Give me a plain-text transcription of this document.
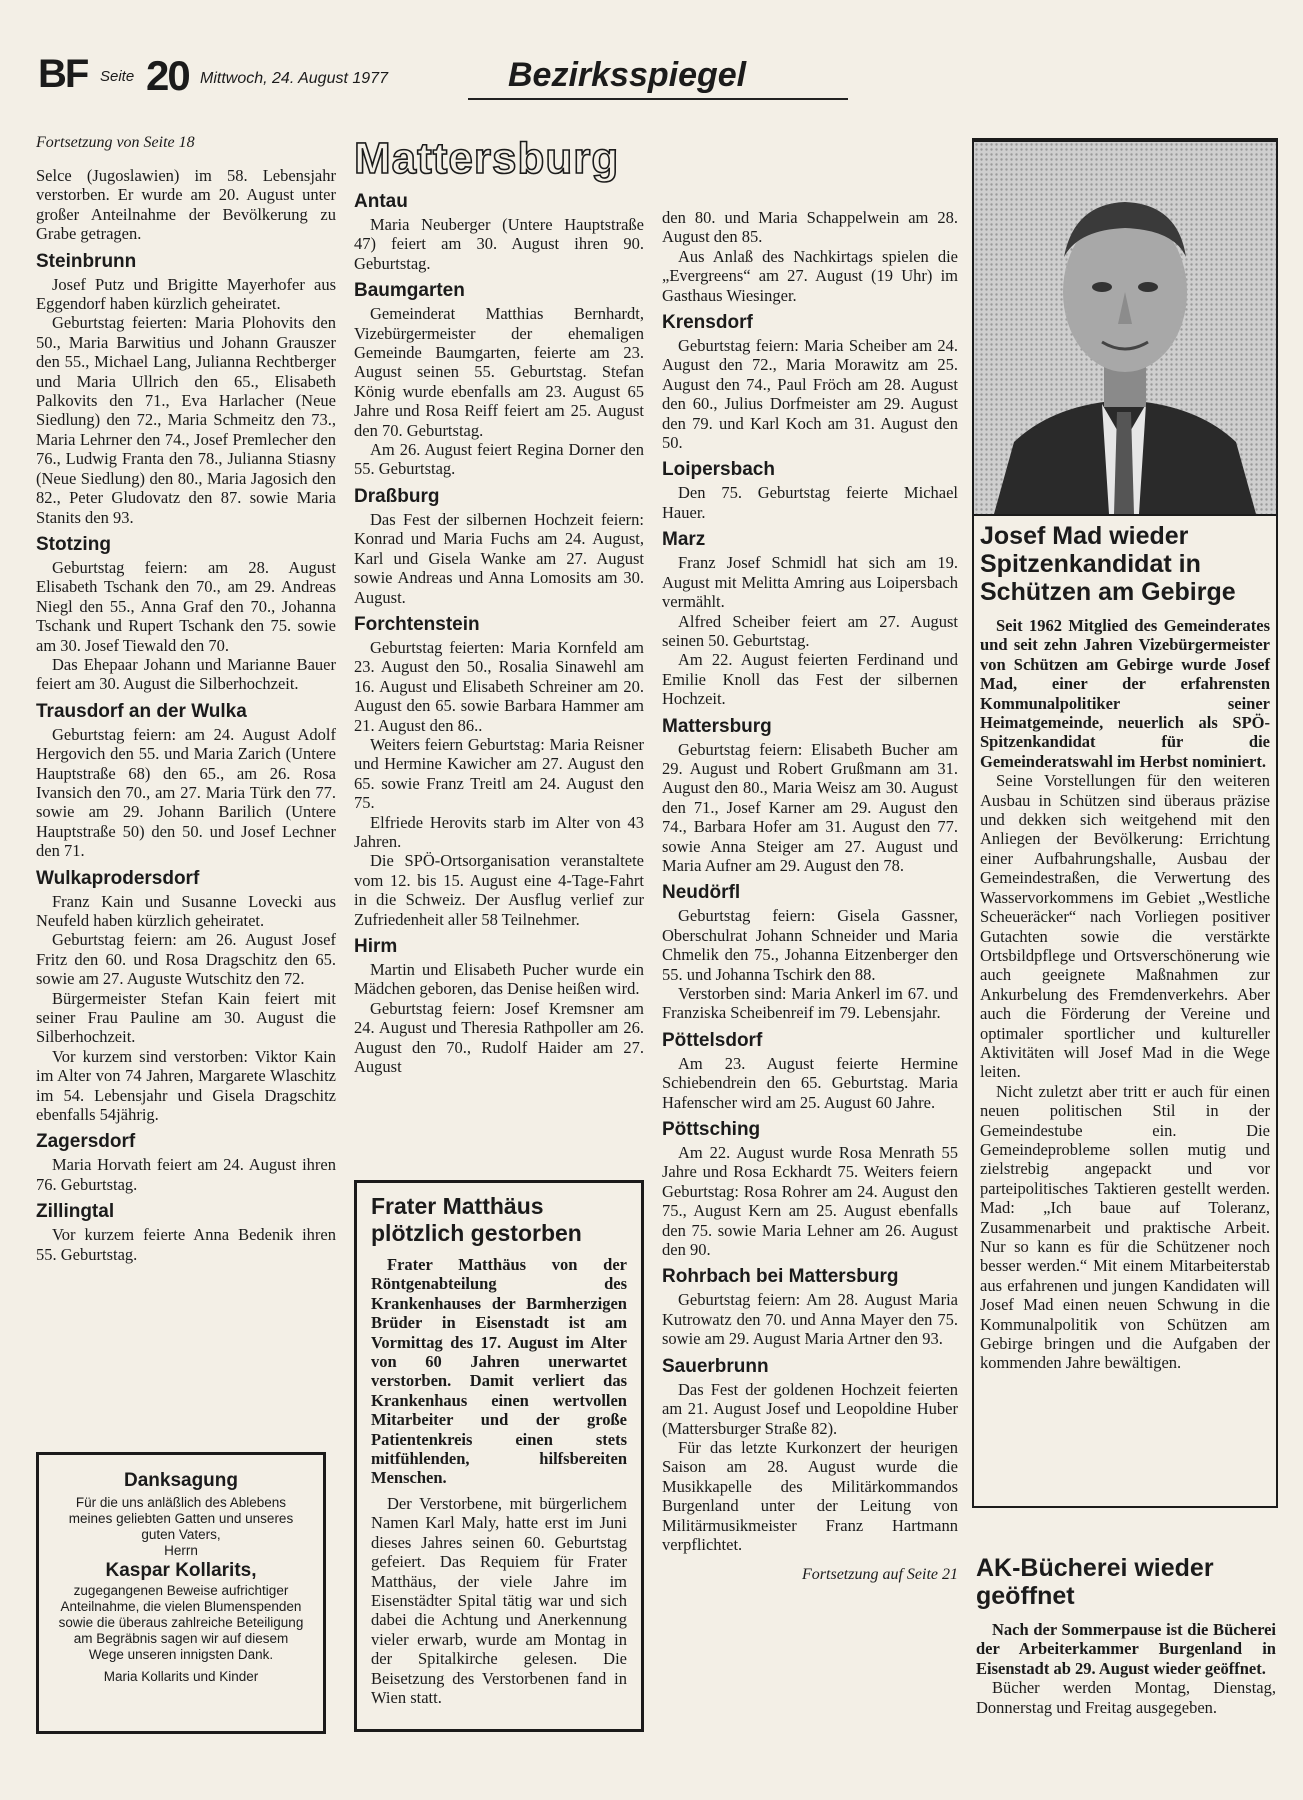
BF Seite 20 Mittwoch, 24. August 1977	Bezirksspiegel

Fortsetzung von Seite 18

Selce (Jugoslawien) im 58. Lebensjahr verstorben. Er wurde am 20. August unter großer Anteilnahme der Bevölkerung zu Grabe getragen.

Steinbrunn

Josef Putz und Brigitte Mayerhofer aus Eggendorf haben kürzlich geheiratet.

Geburtstag feierten: Maria Plohovits den 50., Maria Barwitius und Johann Grauszer den 55., Michael Lang, Julianna Rechtberger und Maria Ullrich den 65., Elisabeth Palkovits den 71., Eva Harlacher (Neue Siedlung) den 72., Maria Schmeitz den 73., Maria Lehrner den 74., Josef Premlecher den 76., Ludwig Franta den 78., Julianna Stiasny (Neue Siedlung) den 80., Maria Jagosich den 82., Peter Gludovatz den 87. sowie Maria Stanits den 93.

Stotzing

Geburtstag feiern: am 28. August Elisabeth Tschank den 70., am 29. Andreas Niegl den 55., Anna Graf den 70., Johanna Tschank und Rupert Tschank den 75. sowie am 30. Josef Tiewald den 70.

Das Ehepaar Johann und Marianne Bauer feiert am 30. August die Silberhochzeit.

Trausdorf an der Wulka

Geburtstag feiern: am 24. August Adolf Hergovich den 55. und Maria Zarich (Untere Hauptstraße 68) den 65., am 26. Rosa Ivansich den 70., am 27. Maria Türk den 77. sowie am 29. Johann Barilich (Untere Hauptstraße 50) den 50. und Josef Lechner den 71.

Wulkaprodersdorf

Franz Kain und Susanne Lovecki aus Neufeld haben kürzlich geheiratet.

Geburtstag feiern: am 26. August Josef Fritz den 60. und Rosa Dragschitz den 65. sowie am 27. Auguste Wutschitz den 72.

Bürgermeister Stefan Kain feiert mit seiner Frau Pauline am 30. August die Silberhochzeit.

Vor kurzem sind verstorben: Viktor Kain im Alter von 74 Jahren, Margarete Wlaschitz im 54. Lebensjahr und Gisela Dragschitz ebenfalls 54jährig.

Zagersdorf

Maria Horvath feiert am 24. August ihren 76. Geburtstag.

Zillingtal

Vor kurzem feierte Anna Bedenik ihren 55. Geburtstag.

Danksagung

Für die uns anläßlich des Ablebens meines geliebten Gatten und unseres guten Vaters,

Herrn

Kaspar Kollarits,

zugegangenen Beweise aufrichtiger Anteilnahme, die vielen Blumenspenden sowie die überaus zahlreiche Beteiligung am Begräbnis sagen wir auf diesem Wege unseren innigsten Dank.

Maria Kollarits und Kinder

Mattersburg
Antau

Maria Neuberger (Untere Hauptstraße 47) feiert am 30. August ihren 90. Geburtstag.

Baumgarten

Gemeinderat Matthias Bernhardt, Vizebürgermeister der ehemaligen Gemeinde Baumgarten, feierte am 23. August seinen 55. Geburtstag. Stefan König wurde ebenfalls am 23. August 65 Jahre und Rosa Reiff feiert am 25. August den 70. Geburtstag.

Am 26. August feiert Regina Dorner den 55. Geburtstag.

Draßburg

Das Fest der silbernen Hochzeit feiern: Konrad und Maria Fuchs am 24. August, Karl und Gisela Wanke am 27. August sowie Andreas und Anna Lomosits am 30. August.

Forchtenstein

Geburtstag feierten: Maria Kornfeld am 23. August den 50., Rosalia Sinawehl am 16. August und Elisabeth Schreiner am 20. August den 65. sowie Barbara Hammer am 21. August den 86..

Weiters feiern Geburtstag: Maria Reisner und Hermine Kawicher am 27. August den 65. sowie Franz Treitl am 24. August den 75.

Elfriede Herovits starb im Alter von 43 Jahren.

Die SPÖ-Ortsorganisation veranstaltete vom 12. bis 15. August eine 4-Tage-Fahrt in die Schweiz. Der Ausflug verlief zur Zufriedenheit aller 58 Teilnehmer.

Hirm

Martin und Elisabeth Pucher wurde ein Mädchen geboren, das Denise heißen wird.

Geburtstag feiern: Josef Kremsner am 24. August und Theresia Rathpoller am 26. August den 70., Rudolf Haider am 27. August

Frater Matthäus plötzlich gestorben

Frater Matthäus von der Röntgenabteilung des Krankenhauses der Barmherzigen Brüder in Eisenstadt ist am Vormittag des 17. August im Alter von 60 Jahren unerwartet verstorben. Damit verliert das Krankenhaus einen wertvollen Mitarbeiter und der große Patientenkreis einen stets mitfühlenden, hilfsbereiten Menschen.

Der Verstorbene, mit bürgerlichem Namen Karl Maly, hatte erst im Juni dieses Jahres seinen 60. Geburtstag gefeiert. Das Requiem für Frater Matthäus, der viele Jahre im Eisenstädter Spital tätig war und sich dabei die Achtung und Anerkennung vieler erwarb, wurde am Montag in der Spitalkirche gelesen. Die Beisetzung des Verstorbenen fand in Wien statt.

den 80. und Maria Schappelwein am 28. August den 85.

Aus Anlaß des Nachkirtags spielen die „Evergreens“ am 27. August (19 Uhr) im Gasthaus Wiesinger.

Krensdorf

Geburtstag feiern: Maria Scheiber am 24. August den 72., Maria Morawitz am 25. August den 74., Paul Fröch am 28. August den 60., Julius Dorfmeister am 29. August den 79. und Karl Koch am 31. August den 50.

Loipersbach

Den 75. Geburtstag feierte Michael Hauer.

Marz

Franz Josef Schmidl hat sich am 19. August mit Melitta Amring aus Loipersbach vermählt.

Alfred Scheiber feiert am 27. August seinen 50. Geburtstag.

Am 22. August feierten Ferdinand und Emilie Knoll das Fest der silbernen Hochzeit.

Mattersburg

Geburtstag feiern: Elisabeth Bucher am 29. August und Robert Grußmann am 31. August den 80., Maria Weisz am 30. August den 71., Josef Karner am 29. August den 74., Barbara Hofer am 31. August den 77. sowie Anna Steiger am 27. August und Maria Aufner am 29. August den 78.

Neudörfl

Geburtstag feiern: Gisela Gassner, Oberschulrat Johann Schneider und Maria Chmelik den 75., Johanna Eitzenberger den 55. und Johanna Tschirk den 88.

Verstorben sind: Maria Ankerl im 67. und Franziska Scheibenreif im 79. Lebensjahr.

Pöttelsdorf

Am 23. August feierte Hermine Schiebendrein den 65. Geburtstag. Maria Hafenscher wird am 25. August 60 Jahre.

Pöttsching

Am 22. August wurde Rosa Menrath 55 Jahre und Rosa Eckhardt 75. Weiters feiern Geburtstag: Rosa Rohrer am 24. August den 75., August Kern am 25. August ebenfalls den 75. sowie Maria Lehner am 26. August den 90.

Rohrbach bei Mattersburg

Geburtstag feiern: Am 28. August Maria Kutrowatz den 70. und Anna Mayer den 75. sowie am 29. August Maria Artner den 93.

Sauerbrunn

Das Fest der goldenen Hochzeit feierten am 21. August Josef und Leopoldine Huber (Mattersburger Straße 82).

Für das letzte Kurkonzert der heurigen Saison am 28. August wurde die Musikkapelle des Militärkommandos Burgenland unter der Leitung von Militärmusikmeister Franz Hartmann verpflichtet.

Fortsetzung auf Seite 21

Josef Mad wieder Spitzenkandidat in Schützen am Gebirge

Seit 1962 Mitglied des Gemeinderates und seit zehn Jahren Vizebürgermeister von Schützen am Gebirge wurde Josef Mad, einer der erfahrensten Kommunalpolitiker seiner Heimatgemeinde, neuerlich als SPÖ-Spitzenkandidat für die Gemeinderatswahl im Herbst nominiert.

Seine Vorstellungen für den weiteren Ausbau in Schützen sind überaus präzise und dekken sich weitgehend mit den Anliegen der Bevölkerung: Errichtung einer Aufbahrungshalle, Ausbau der Gemeindestraßen, die Verwertung des Wasservorkommens im Gebiet „Westliche Scheueräcker“ nach Vorliegen positiver Gutachten sowie die verstärkte Ortsbildpflege und Ortsverschönerung wie auch geeignete Maßnahmen zur Ankurbelung des Fremdenverkehrs. Aber auch die Förderung der Vereine und optimaler sportlicher und kultureller Aktivitäten will Josef Mad in die Wege leiten.

Nicht zuletzt aber tritt er auch für einen neuen politischen Stil in der Gemeindestube ein. Die Gemeindeprobleme sollen mutig und zielstrebig angepackt und vor parteipolitisches Taktieren gestellt werden. Mad: „Ich baue auf Toleranz, Zusammenarbeit und praktische Arbeit. Nur so kann es für die Schützener noch besser werden.“ Mit einem Mitarbeiterstab aus erfahrenen und jungen Kandidaten will Josef Mad einen neuen Schwung in die Kommunalpolitik von Schützen am Gebirge bringen und die Aufgaben der kommenden Jahre bewältigen.

AK-Bücherei wieder geöffnet

Nach der Sommerpause ist die Bücherei der Arbeiterkammer Burgenland in Eisenstadt ab 29. August wieder geöffnet.

Bücher werden Montag, Dienstag, Donnerstag und Freitag ausgegeben.
